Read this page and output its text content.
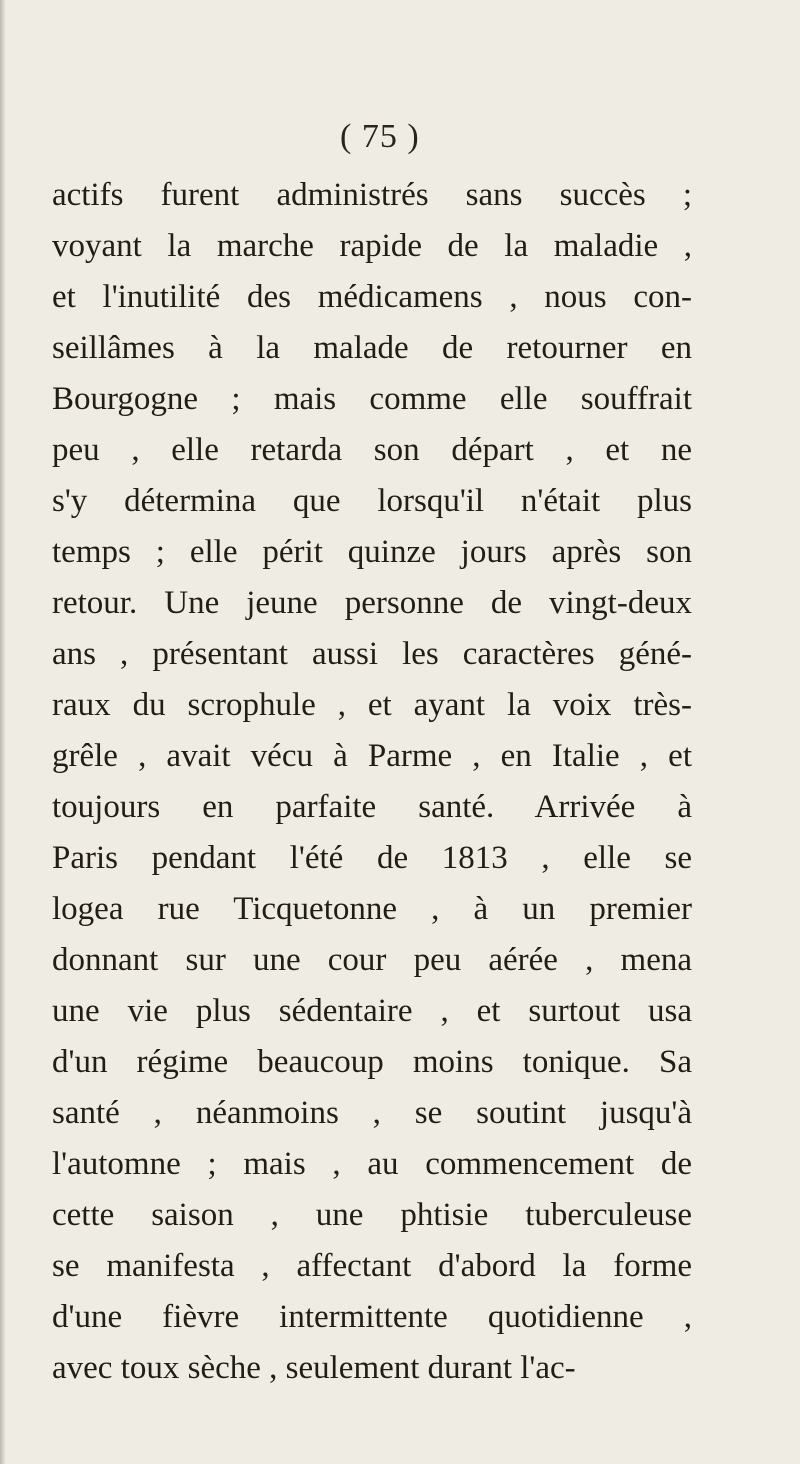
( 75 )
actifs furent administrés sans succès ;
voyant la marche rapide de la maladie ,
et l'inutilité des médicamens , nous con-
seillâmes à la malade de retourner en
Bourgogne ; mais comme elle souffrait
peu , elle retarda son départ , et ne
s'y détermina que lorsqu'il n'était plus
temps ; elle périt quinze jours après son
retour. Une jeune personne de vingt-deux
ans , présentant aussi les caractères géné-
raux du scrophule , et ayant la voix très-
grêle , avait vécu à Parme , en Italie , et
toujours en parfaite santé. Arrivée à
Paris pendant l'été de 1813 , elle se
logea rue Ticquetonne , à un premier
donnant sur une cour peu aérée , mena
une vie plus sédentaire , et surtout usa
d'un régime beaucoup moins tonique. Sa
santé , néanmoins , se soutint jusqu'à
l'automne ; mais , au commencement de
cette saison , une phtisie tuberculeuse
se manifesta , affectant d'abord la forme
d'une fièvre intermittente quotidienne ,
avec toux sèche , seulement durant l'ac-
